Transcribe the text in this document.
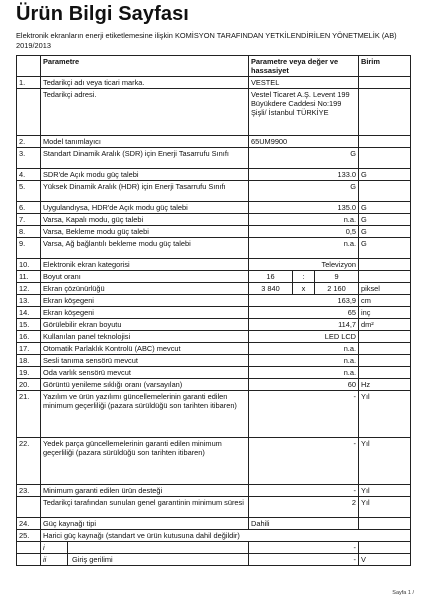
Ürün Bilgi Sayfası
Elektronik ekranların enerji etiketlemesine ilişkin KOMİSYON TARAFINDAN YETKİLENDİRİLEN YÖNETMELİK (AB) 2019/2013
	Parametre	Parametre veya değer ve hassasiyet			Birim
1.	Tedarikçi adı veya ticari marka.	VESTEL			
	Tedarikçi adresi.	Vestel Ticaret A.Ş. Levent 199 Büyükdere Caddesi No:199 Şişli/ İstanbul TÜRKİYE			
2.	Model tanımlayıcı	65UM9900			
3.	Standart Dinamik Aralık (SDR) için Enerji Tasarrufu Sınıfı	G			
4.	SDR'de Açık modu güç talebi	133.0			G
5.	Yüksek Dinamik Aralık (HDR) için Enerji Tasarrufu Sınıfı	G			
6.	Uygulandıysa, HDR'de Açık modu güç talebi	135.0			G
7.	Varsa, Kapalı modu, güç talebi	n.a.			G
8.	Varsa, Bekleme modu güç talebi	0,5			G
9.	Varsa, Ağ bağlantılı bekleme modu güç talebi	n.a.			G
10.	Elektronik ekran kategorisi	Televizyon			
11.	Boyut oranı	16	:	9	
12.	Ekran çözünürlüğü	3 840	x	2 160	piksel
13.	Ekran köşegeni	163,9			cm
14.	Ekran köşegeni	65			inç
15.	Görülebilir ekran boyutu	114,7			dm²
16.	Kullanılan panel teknolojisi	LED LCD			
17.	Otomatik Parlaklık Kontrolü (ABC) mevcut	n.a.			
18.	Sesli tanıma sensörü mevcut	n.a.			
19.	Oda varlık sensörü mevcut	n.a.			
20.	Görüntü yenileme sıklığı oranı (varsayılan)	60			Hz
21.	Yazılım ve ürün yazılımı güncellemelerinin garanti edilen minimum geçerliliği (pazara sürüldüğü son tarihten itibaren)	-			Yıl
22.	Yedek parça güncellemelerinin garanti edilen minimum geçerliliği (pazara sürüldüğü son tarihten itibaren)	-			Yıl
23.	Minimum garanti edilen ürün desteği	-			Yıl
	Tedarikçi tarafından sunulan genel garantinin minimum süresi	2			Yıl
24.	Güç kaynağı tipi	Dahili			
25.	Harici güç kaynağı (standart ve ürün kutusuna dahil değildir)				

	i	-			

	ii Giriş gerilimi	-			V
Sayfa 1 /
